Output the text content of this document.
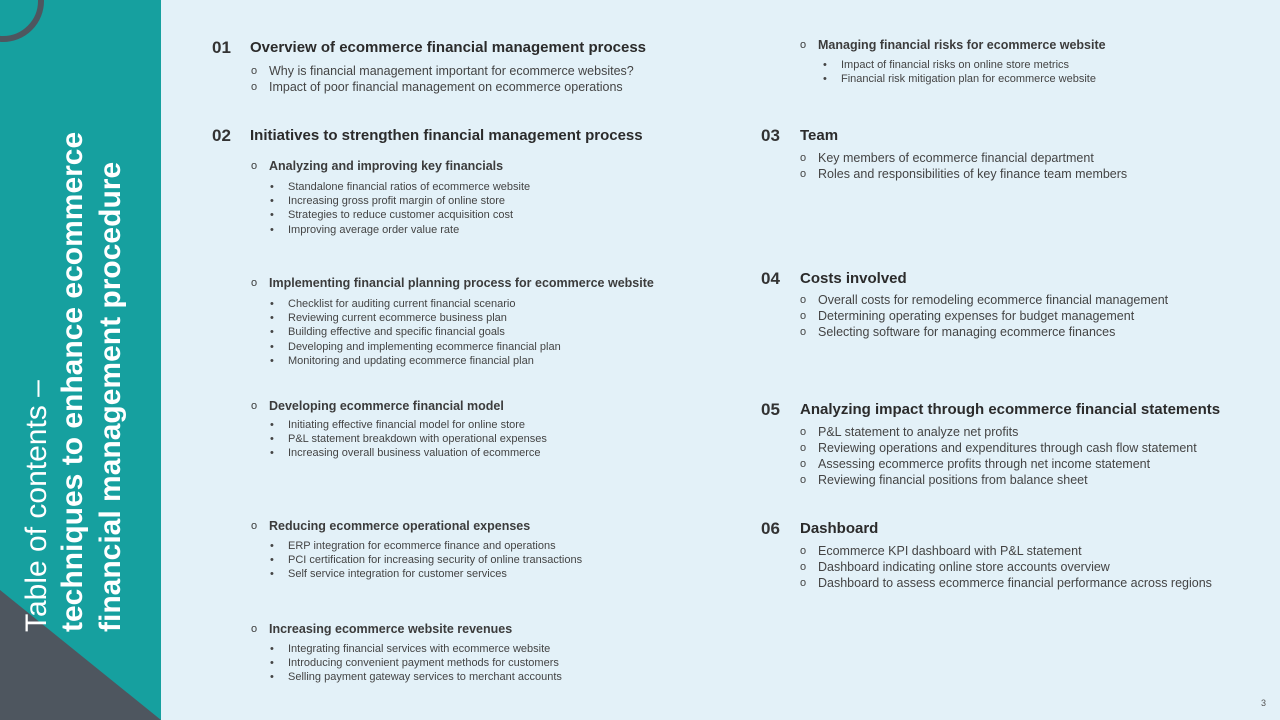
Table of contents – techniques to enhance ecommerce financial management procedure
01 Overview of ecommerce financial management process
o Why is financial management important for ecommerce websites?
o Impact of poor financial management on ecommerce operations
02 Initiatives to strengthen financial management process
o Analyzing and improving key financials
• Standalone financial ratios of ecommerce website
• Increasing gross profit margin of online store
• Strategies to reduce customer acquisition cost
• Improving average order value rate
o Implementing financial planning process for ecommerce website
• Checklist for auditing current financial scenario
• Reviewing current ecommerce business plan
• Building effective and specific financial goals
• Developing and implementing ecommerce financial plan
• Monitoring and updating ecommerce financial plan
o Developing ecommerce financial model
• Initiating effective financial model for online store
• P&L statement breakdown with operational expenses
• Increasing overall business valuation of ecommerce
o Reducing ecommerce operational expenses
• ERP integration for ecommerce finance and operations
• PCI certification for increasing security of online transactions
• Self service integration for customer services
o Increasing ecommerce website revenues
• Integrating financial services with ecommerce website
• Introducing convenient payment methods for customers
• Selling payment gateway services to merchant accounts
o Managing financial risks for ecommerce website
• Impact of financial risks on online store metrics
• Financial risk mitigation plan for ecommerce website
03 Team
o Key members of ecommerce financial department
o Roles and responsibilities of key finance team members
04 Costs involved
o Overall costs for remodeling ecommerce financial management
o Determining operating expenses for budget management
o Selecting software for managing ecommerce finances
05 Analyzing impact through ecommerce financial statements
o P&L statement to analyze net profits
o Reviewing operations and expenditures through cash flow statement
o Assessing ecommerce profits through net income statement
o Reviewing financial positions from balance sheet
06 Dashboard
o Ecommerce KPI dashboard with P&L statement
o Dashboard indicating online store accounts overview
o Dashboard to assess ecommerce financial performance across regions
3
